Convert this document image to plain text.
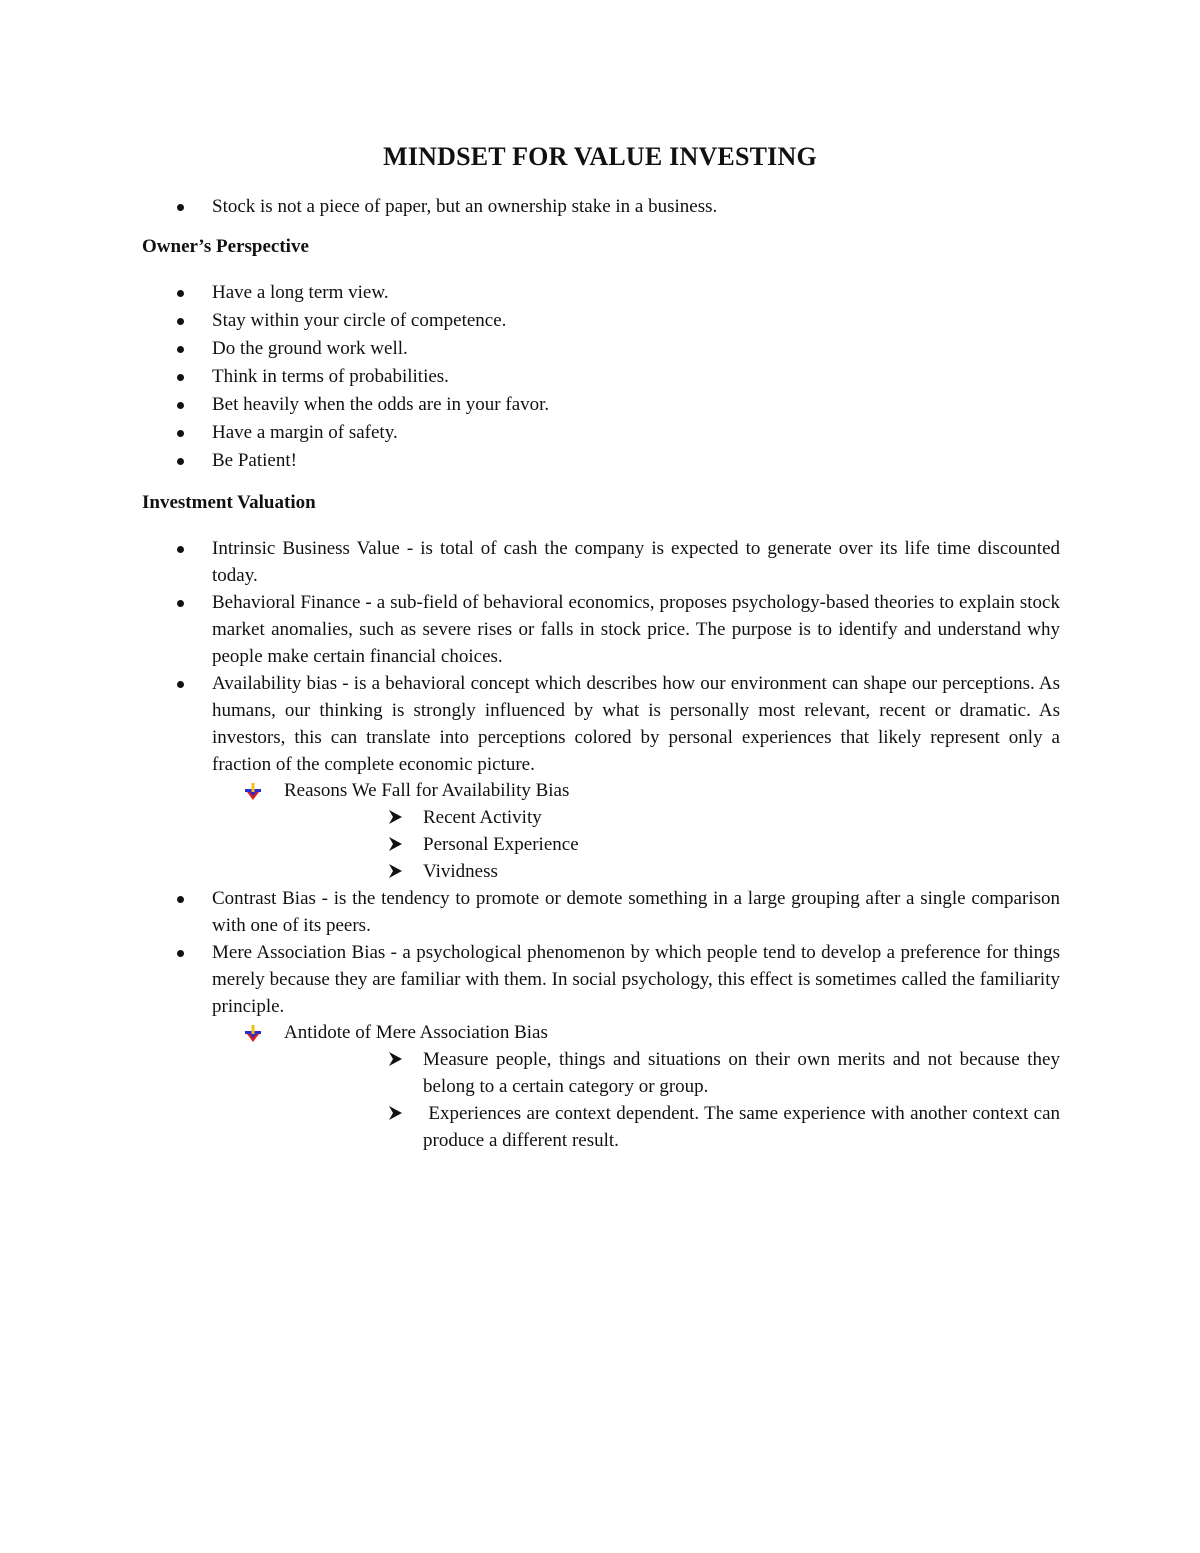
MINDSET FOR VALUE INVESTING
Stock is not a piece of paper, but an ownership stake in a business.
Owner’s Perspective
Have a long term view.
Stay within your circle of competence.
Do the ground work well.
Think in terms of probabilities.
Bet heavily when the odds are in your favor.
Have a margin of safety.
Be Patient!
Investment Valuation
Intrinsic Business Value - is total of cash the company is expected to generate over its life time discounted today.
Behavioral Finance - a sub-field of behavioral economics, proposes psychology-based theories to explain stock market anomalies, such as severe rises or falls in stock price. The purpose is to identify and understand why people make certain financial choices.
Availability bias - is a behavioral concept which describes how our environment can shape our perceptions. As humans, our thinking is strongly influenced by what is personally most relevant, recent or dramatic. As investors, this can translate into perceptions colored by personal experiences that likely represent only a fraction of the complete economic picture.
Reasons We Fall for Availability Bias
Recent Activity
Personal Experience
Vividness
Contrast Bias - is the tendency to promote or demote something in a large grouping after a single comparison with one of its peers.
Mere Association Bias - a psychological phenomenon by which people tend to develop a preference for things merely because they are familiar with them. In social psychology, this effect is sometimes called the familiarity principle.
Antidote of Mere Association Bias
Measure people, things and situations on their own merits and not because they belong to a certain category or group.
Experiences are context dependent. The same experience with another context can produce a different result.
